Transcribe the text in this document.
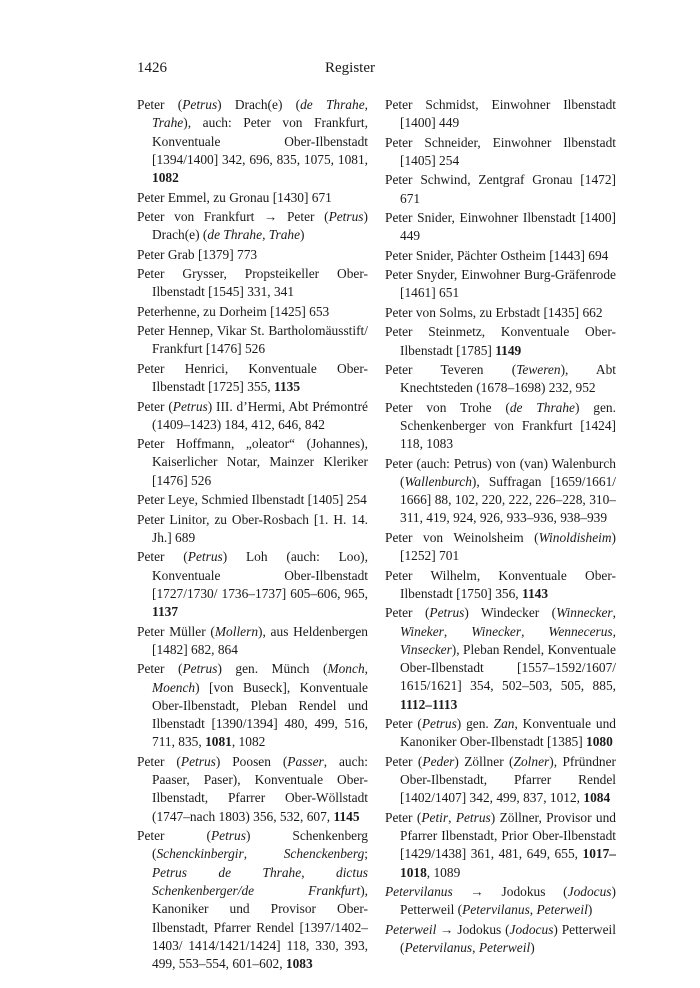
1426	Register
Peter (Petrus) Drach(e) (de Thrahe, Trahe), auch: Peter von Frankfurt, Konventuale Ober-Ilbenstadt [1394/1400] 342, 696, 835, 1075, 1081, 1082
Peter Emmel, zu Gronau [1430] 671
Peter von Frankfurt → Peter (Petrus) Drach(e) (de Thrahe, Trahe)
Peter Grab [1379] 773
Peter Grysser, Propsteikeller Ober-Ilbenstadt [1545] 331, 341
Peterhenne, zu Dorheim [1425] 653
Peter Hennep, Vikar St. Bartholomäusstift/ Frankfurt [1476] 526
Peter Henrici, Konventuale Ober-Ilbenstadt [1725] 355, 1135
Peter (Petrus) III. d’Hermi, Abt Prémontré (1409–1423) 184, 412, 646, 842
Peter Hoffmann, „oleator“ (Johannes), Kaiserlicher Notar, Mainzer Kleriker [1476] 526
Peter Leye, Schmied Ilbenstadt [1405] 254
Peter Linitor, zu Ober-Rosbach [1. H. 14. Jh.] 689
Peter (Petrus) Loh (auch: Loo), Konventuale Ober-Ilbenstadt [1727/1730/ 1736–1737] 605–606, 965, 1137
Peter Müller (Mollern), aus Heldenbergen [1482] 682, 864
Peter (Petrus) gen. Münch (Monch, Moench) [von Buseck], Konventuale Ober-Ilbenstadt, Pleban Rendel und Ilbenstadt [1390/1394] 480, 499, 516, 711, 835, 1081, 1082
Peter (Petrus) Poosen (Passer, auch: Paaser, Paser), Konventuale Ober-Ilbenstadt, Pfarrer Ober-Wöllstadt (1747–nach 1803) 356, 532, 607, 1145
Peter (Petrus) Schenkenberg (Schenckinbergir, Schenckenberg; Petrus de Thrahe, dictus Schenkenberger/de Frankfurt), Kanoniker und Provisor Ober-Ilbenstadt, Pfarrer Rendel [1397/1402–1403/ 1414/1421/1424] 118, 330, 393, 499, 553–554, 601–602, 1083
Peter Schmidst, Einwohner Ilbenstadt [1400] 449
Peter Schneider, Einwohner Ilbenstadt [1405] 254
Peter Schwind, Zentgraf Gronau [1472] 671
Peter Snider, Einwohner Ilbenstadt [1400] 449
Peter Snider, Pächter Ostheim [1443] 694
Peter Snyder, Einwohner Burg-Gräfenrode [1461] 651
Peter von Solms, zu Erbstadt [1435] 662
Peter Steinmetz, Konventuale Ober-Ilbenstadt [1785] 1149
Peter Teveren (Teweren), Abt Knechtsteden (1678–1698) 232, 952
Peter von Trohe (de Thrahe) gen. Schenkenberger von Frankfurt [1424] 118, 1083
Peter (auch: Petrus) von (van) Walenburch (Wallenburch), Suffragan [1659/1661/ 1666] 88, 102, 220, 222, 226–228, 310– 311, 419, 924, 926, 933–936, 938–939
Peter von Weinolsheim (Winoldisheim) [1252] 701
Peter Wilhelm, Konventuale Ober-Ilbenstadt [1750] 356, 1143
Peter (Petrus) Windecker (Winnecker, Wineker, Winecker, Wennecerus, Vinsecker), Pleban Rendel, Konventuale Ober-Ilbenstadt [1557–1592/1607/ 1615/1621] 354, 502–503, 505, 885, 1112–1113
Peter (Petrus) gen. Zan, Konventuale und Kanoniker Ober-Ilbenstadt [1385] 1080
Peter (Peder) Zöllner (Zolner), Pfründner Ober-Ilbenstadt, Pfarrer Rendel [1402/1407] 342, 499, 837, 1012, 1084
Peter (Petir, Petrus) Zöllner, Provisor und Pfarrer Ilbenstadt, Prior Ober-Ilbenstadt [1429/1438] 361, 481, 649, 655, 1017–1018, 1089
Petervilanus → Jodokus (Jodocus) Petterweil (Petervilanus, Peterweil)
Peterweil → Jodokus (Jodocus) Petterweil (Petervilanus, Peterweil)
